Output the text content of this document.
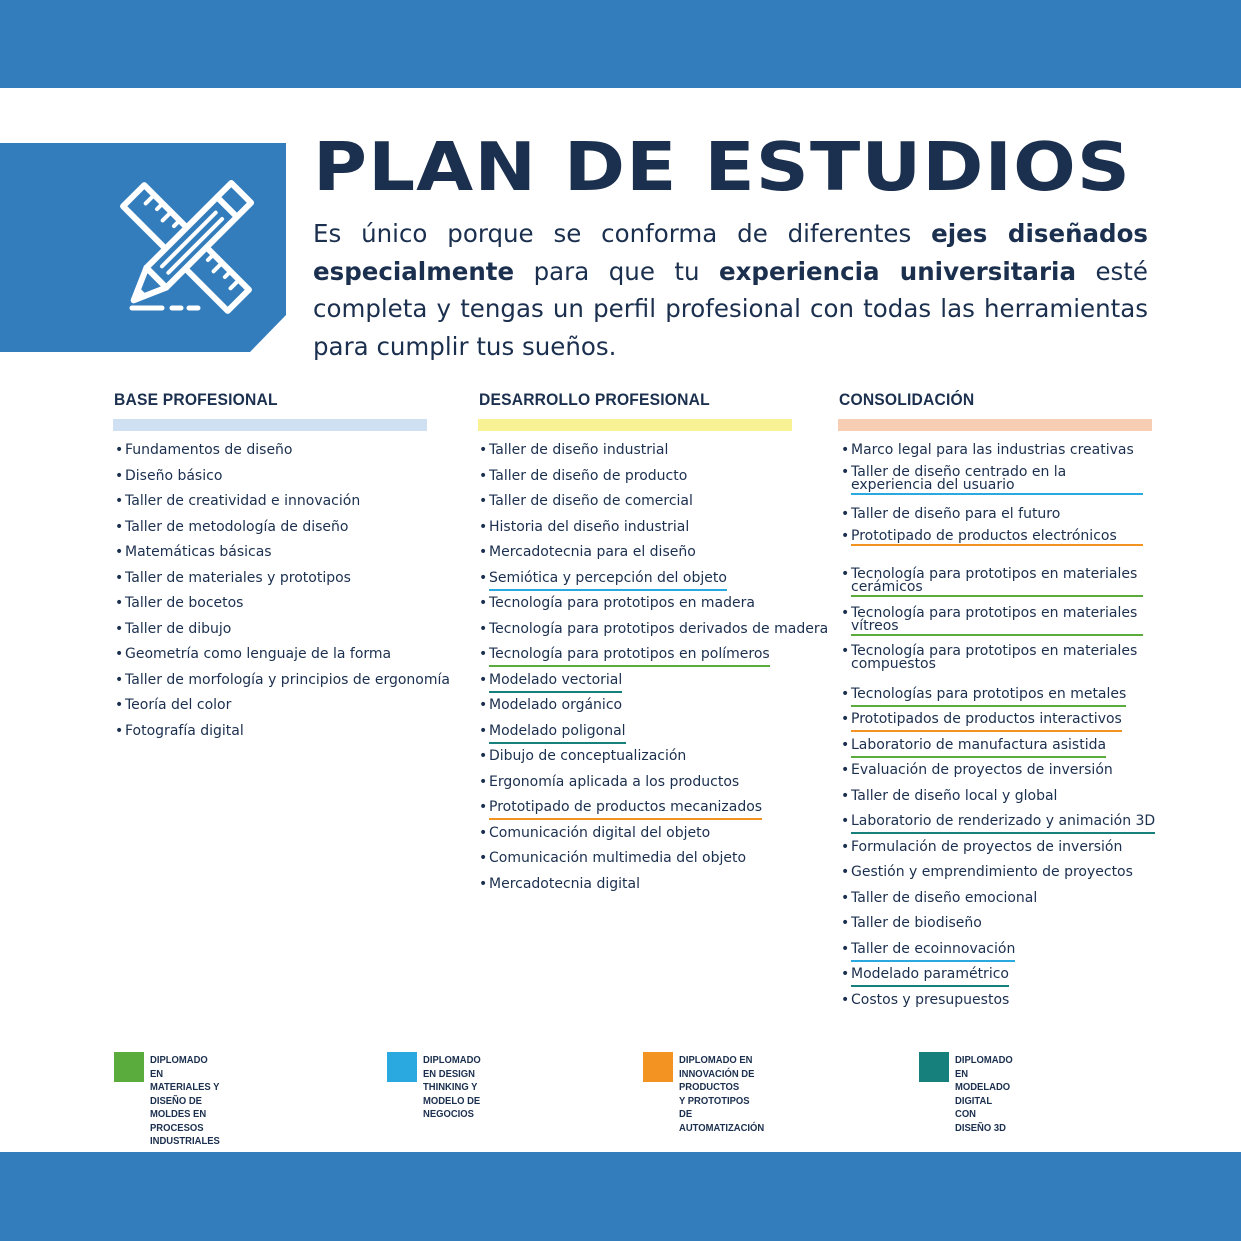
PLAN DE ESTUDIOS

Es único porque se conforma de diferentes ejes diseñados especialmente para que tu experiencia universitaria esté completa y tengas un perfil profesional con todas las herramientas para cumplir tus sueños.

BASE PROFESIONAL
• Fundamentos de diseño
• Diseño básico
• Taller de creatividad e innovación
• Taller de metodología de diseño
• Matemáticas básicas
• Taller de materiales y prototipos
• Taller de bocetos
• Taller de dibujo
• Geometría como lenguaje de la forma
• Taller de morfología y principios de ergonomía
• Teoría del color
• Fotografía digital
DESARROLLO PROFESIONAL
• Taller de diseño industrial
• Taller de diseño de producto
• Taller de diseño de comercial
• Historia del diseño industrial
• Mercadotecnia para el diseño
• Semiótica y percepción del objeto
• Tecnología para prototipos en madera
• Tecnología para prototipos derivados de madera
• Tecnología para prototipos en polímeros
• Modelado vectorial
• Modelado orgánico
• Modelado poligonal
• Dibujo de conceptualización
• Ergonomía aplicada a los productos
• Prototipado de productos mecanizados
• Comunicación digital del objeto
• Comunicación multimedia del objeto
• Mercadotecnia digital
CONSOLIDACIÓN
• Marco legal para las industrias creativas
• Taller de diseño centrado en la experiencia del usuario
• Taller de diseño para el futuro
• Prototipado de productos electrónicos
• Tecnología para prototipos en materiales cerámicos
• Tecnología para prototipos en materiales vítreos
• Tecnología para prototipos en materiales compuestos
• Tecnologías para prototipos en metales
• Prototipados de productos interactivos
• Laboratorio de manufactura asistida
• Evaluación de proyectos de inversión
• Taller de diseño local y global
• Laboratorio de renderizado y animación 3D
• Formulación de proyectos de inversión
• Gestión y emprendimiento de proyectos
• Taller de diseño emocional
• Taller de biodiseño
• Taller de ecoinnovación
• Modelado paramétrico
• Costos y presupuestos

DIPLOMADO EN MATERIALES Y DISEÑO DE
MOLDES EN PROCESOS INDUSTRIALES

DIPLOMADO EN DESIGN THINKING Y
MODELO DE NEGOCIOS

DIPLOMADO EN INNOVACIÓN DE PRODUCTOS
Y PROTOTIPOS DE AUTOMATIZACIÓN

DIPLOMADO EN MODELADO
DIGITAL CON DISEÑO 3D
